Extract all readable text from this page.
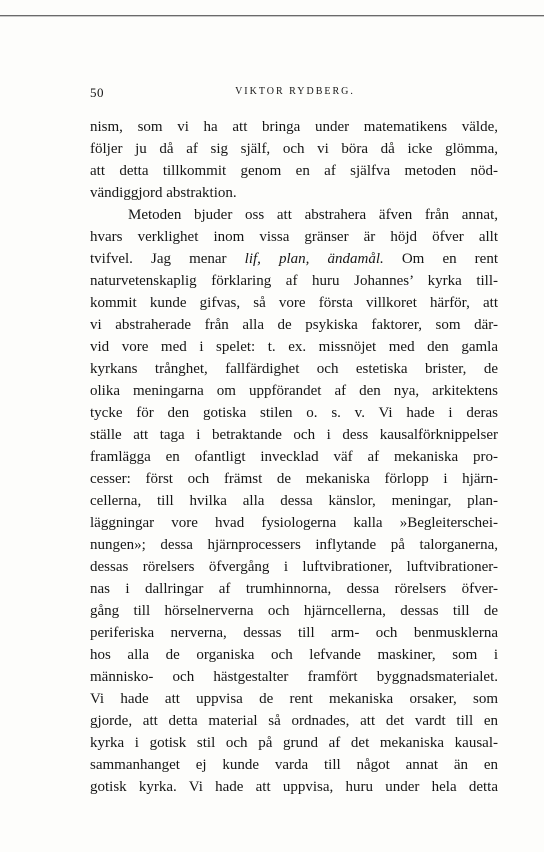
50	VIKTOR RYDBERG.
nism, som vi ha att bringa under matematikens välde,
följer ju då af sig själf, och vi böra då icke glömma,
att detta tillkommit genom en af själfva metoden nöd-
vändiggjord abstraktion.
Metoden bjuder oss att abstrahera äfven från annat,
hvars verklighet inom vissa gränser är höjd öfver allt
tvifvel. Jag menar lif, plan, ändamål. Om en rent
naturvetenskaplig förklaring af huru Johannes’ kyrka till-
kommit kunde gifvas, så vore första villkoret härför, att
vi abstraherade från alla de psykiska faktorer, som där-
vid vore med i spelet: t. ex. missnöjet med den gamla
kyrkans trånghet, fallfärdighet och estetiska brister, de
olika meningarna om uppförandet af den nya, arkitektens
tycke för den gotiska stilen o. s. v. Vi hade i deras
ställe att taga i betraktande och i dess kausalförknippelser
framlägga en ofantligt invecklad väf af mekaniska pro-
cesser: först och främst de mekaniska förlopp i hjärn-
cellerna, till hvilka alla dessa känslor, meningar, plan-
läggningar vore hvad fysiologerna kalla »Begleiterschei-
nungen»; dessa hjärnprocessers inflytande på talorganerna,
dessas rörelsers öfvergång i luftvibrationer, luftvibrationer-
nas i dallringar af trumhinnorna, dessa rörelsers öfver-
gång till hörselnerverna och hjärncellerna, dessas till de
periferiska nerverna, dessas till arm- och benmusklerna
hos alla de organiska och lefvande maskiner, som i
människo- och hästgestalter framfört byggnadsmaterialet.
Vi hade att uppvisa de rent mekaniska orsaker, som
gjorde, att detta material så ordnades, att det vardt till en
kyrka i gotisk stil och på grund af det mekaniska kausal-
sammanhanget ej kunde varda till något annat än en
gotisk kyrka. Vi hade att uppvisa, huru under hela detta
